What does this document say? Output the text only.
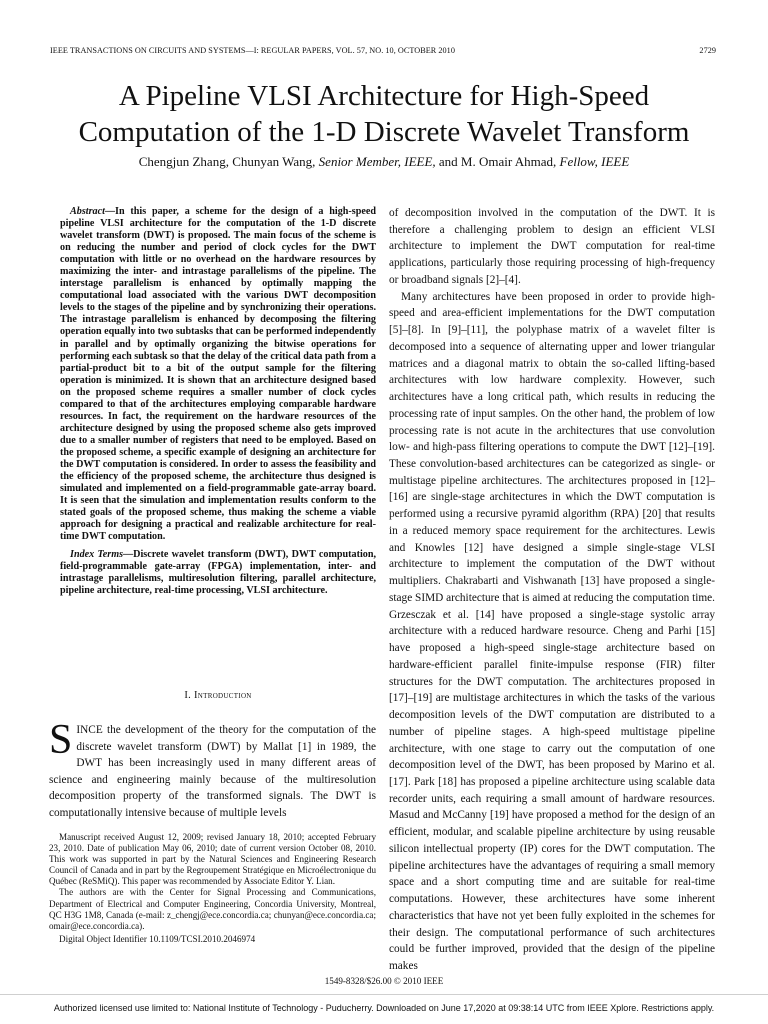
IEEE TRANSACTIONS ON CIRCUITS AND SYSTEMS—I: REGULAR PAPERS, VOL. 57, NO. 10, OCTOBER 2010	2729
A Pipeline VLSI Architecture for High-Speed
Computation of the 1-D Discrete Wavelet Transform
Chengjun Zhang, Chunyan Wang, Senior Member, IEEE, and M. Omair Ahmad, Fellow, IEEE

Abstract—In this paper, a scheme for the design of a high-speed pipeline VLSI architecture for the computation of the 1-D discrete wavelet transform (DWT) is proposed. The main focus of the scheme is on reducing the number and period of clock cycles for the DWT computation with little or no overhead on the hardware resources by maximizing the inter- and intrastage parallelisms of the pipeline. The interstage parallelism is enhanced by optimally mapping the computational load associated with the various DWT decomposition levels to the stages of the pipeline and by synchronizing their operations. The intrastage parallelism is enhanced by decomposing the filtering operation equally into two subtasks that can be performed independently in parallel and by optimally organizing the bitwise operations for performing each subtask so that the delay of the critical data path from a partial-product bit to a bit of the output sample for the filtering operation is minimized. It is shown that an architecture designed based on the proposed scheme requires a smaller number of clock cycles compared to that of the architectures employing comparable hardware resources. In fact, the requirement on the hardware resources of the architecture designed by using the proposed scheme also gets improved due to a smaller number of registers that need to be employed. Based on the proposed scheme, a specific example of designing an architecture for the DWT computation is considered. In order to assess the feasibility and the efficiency of the proposed scheme, the architecture thus designed is simulated and implemented on a field-programmable gate-array board. It is seen that the simulation and implementation results conform to the stated goals of the proposed scheme, thus making the scheme a viable approach for designing a practical and realizable architecture for real-time DWT computation.

Index Terms—Discrete wavelet transform (DWT), DWT computation, field-programmable gate-array (FPGA) implementation, inter- and intrastage parallelisms, multiresolution filtering, parallel architecture, pipeline architecture, real-time processing, VLSI architecture.

I. Introduction

SINCE the development of the theory for the computation of the discrete wavelet transform (DWT) by Mallat [1] in 1989, the DWT has been increasingly used in many different areas of science and engineering mainly because of the multiresolution decomposition property of the transformed signals. The DWT is computationally intensive because of multiple levels

Manuscript received August 12, 2009; revised January 18, 2010; accepted February 23, 2010. Date of publication May 06, 2010; date of current version October 08, 2010. This work was supported in part by the Natural Sciences and Engineering Research Council of Canada and in part by the Regroupement Stratégique en Microélectronique du Québec (ReSMiQ). This paper was recommended by Associate Editor Y. Lian.

The authors are with the Center for Signal Processing and Communications, Department of Electrical and Computer Engineering, Concordia University, Montreal, QC H3G 1M8, Canada (e-mail: z_chengj@ece.concordia.ca; chunyan@ece.concordia.ca; omair@ece.concordia.ca).

Digital Object Identifier 10.1109/TCSI.2010.2046974

of decomposition involved in the computation of the DWT. It is therefore a challenging problem to design an efficient VLSI architecture to implement the DWT computation for real-time applications, particularly those requiring processing of high-frequency or broadband signals [2]–[4].

Many architectures have been proposed in order to provide high-speed and area-efficient implementations for the DWT computation [5]–[8]. In [9]–[11], the polyphase matrix of a wavelet filter is decomposed into a sequence of alternating upper and lower triangular matrices and a diagonal matrix to obtain the so-called lifting-based architectures with low hardware complexity. However, such architectures have a long critical path, which results in reducing the processing rate of input samples. On the other hand, the problem of low processing rate is not acute in the architectures that use convolution low- and high-pass filtering operations to compute the DWT [12]–[19]. These convolution-based architectures can be categorized as single- or multistage pipeline architectures. The architectures proposed in [12]–[16] are single-stage architectures in which the DWT computation is performed using a recursive pyramid algorithm (RPA) [20] that results in a reduced memory space requirement for the architectures. Lewis and Knowles [12] have designed a simple single-stage VLSI architecture to implement the computation of the DWT without multipliers. Chakrabarti and Vishwanath [13] have proposed a single-stage SIMD architecture that is aimed at reducing the computation time. Grzesczak et al. [14] have proposed a single-stage systolic array architecture with a reduced hardware resource. Cheng and Parhi [15] have proposed a high-speed single-stage architecture based on hardware-efficient parallel finite-impulse response (FIR) filter structures for the DWT computation. The architectures proposed in [17]–[19] are multistage architectures in which the tasks of the various decomposition levels of the DWT computation are distributed to a number of pipeline stages. A high-speed multistage pipeline architecture, with one stage to carry out the computation of one decomposition level of the DWT, has been proposed by Marino et al. [17]. Park [18] has proposed a pipeline architecture using scalable data recorder units, each requiring a small amount of hardware resources. Masud and McCanny [19] have proposed a method for the design of an efficient, modular, and scalable pipeline architecture by using reusable silicon intellectual property (IP) cores for the DWT computation. The pipeline architectures have the advantages of requiring a small memory space and a short computing time and are suitable for real-time computations. However, these architectures have some inherent characteristics that have not yet been fully exploited in the schemes for their design. The computational performance of such architectures could be further improved, provided that the design of the pipeline makes

1549-8328/$26.00 © 2010 IEEE
Authorized licensed use limited to: National Institute of Technology - Puducherry. Downloaded on June 17,2020 at 09:38:14 UTC from IEEE Xplore. Restrictions apply.
